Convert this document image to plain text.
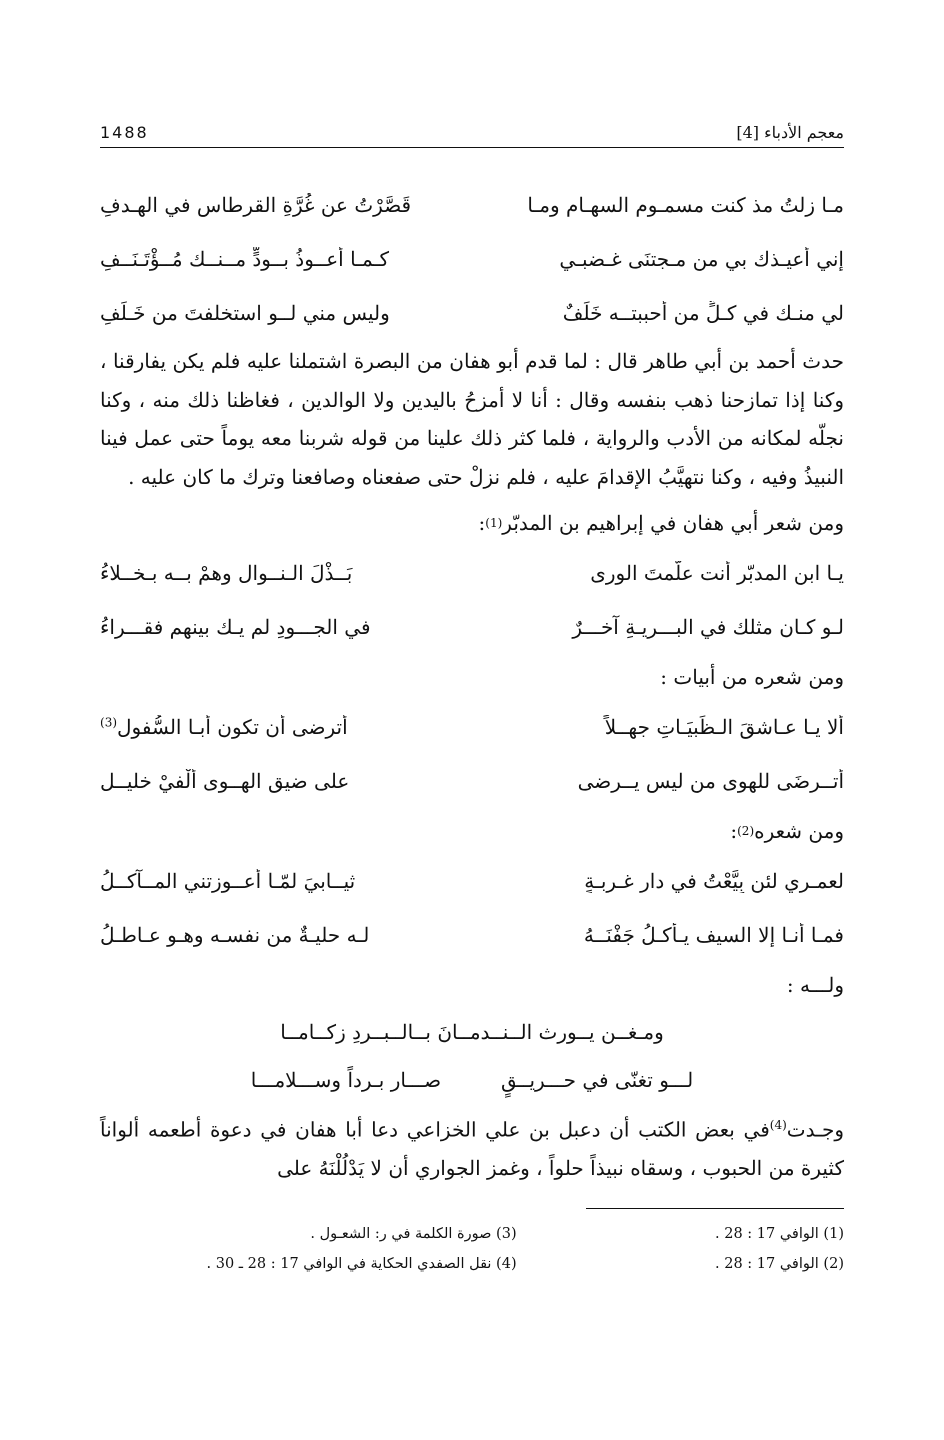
1488	معجم الأدباء [4]
مـا زلتُ مذ كنت مسمـومِ السهـام ومـا
قَصَّرْتُ عن غُرَّةِ القرطاسِ في الهـدفِ
إني أعيـذك بي من مـجتنَى غـضبـي
كـمـا أعــوذُ بــودٍّ مــنــك مُــؤْتَـنَــفِ
لي منـك في كـلٍّ من أحببتــه خَلَفٌ
وليس مني لــو استخلفتَ من خَـلَفِ

حدث أحمد بن أبي طاهر قال : لما قدم أبو هفان من البصرة اشتملنا عليه فلم يكن يفارقنا ، وكنا إذا تمازحنا ذهب بنفسه وقال : أنا لا أمزحُ باليدين ولا الوالدين ، فغاظنا ذلك منه ، وكنا نجلّه لمكانه من الأدب والرواية ، فلما كثر ذلك علينا من قوله شربنا معه يوماً حتى عمل فينا النبيذُ وفيه ، وكنا نتهيَّبُ الإقدامَ عليه ، فلم نزلْ حتى صفعناه وصافعنا وترك ما كان عليه .

ومن شعر أبي هفان في إبراهيم بن المدبّر
(1)
:
يـا ابن المدبّر أنت علَّمتَ الورى
بَــذْلَ الـنــوالِ وهمْ بــه بـخــلاءُ
لـو كـان مثلك في البـــريـةِ آخـــرٌ
في الجـــودِ لم يـك بينهم فقـــراءُ
ومن شعره من أبيات :
ألا يـا عـاشقَ الـظَبيَـاتِ جهــلاً
أترضى أن تكون أبـا السُّفولِ$^{(3)}$
أتــرضَى للهوى من ليس يــرضى
على ضيق الهــوى أُلْفيْ خليــل
ومن شعره
(2)
:
لعمـري لئن بِيَّعْتُ في دارِ غـربـةٍ
ثيــابيَ لمّـا أعــوزتني المــآكــلُ
فمـا أنـا إلا السيف يـأكـلُ جَفْنَــهُ
لـه حليـةٌ من نفسـه وهـو عـاطـلُ
ولـــه :
ومـغــن يــورث الــنــدمــانَ بــالــبــردِ زكــامــا
لـــو تغنّى في حـــريــقٍ
صـــار بـرداً وســـلامـــا

وجـدت$^{(4)}$في بعض الكتب أن دعبل بن علي الخزاعي دعا أبا هفان في دعوة أطعمه ألواناً كثيرة من الحبوب ، وسقاه نبيذاً حلواً ، وغمز الجواري أن لا يَدْلُلْنَهُ على

(1) الوافي 17 : 28 .
(2) الوافي 17 : 28 .
(3) صورة الكلمة في ر: الشعـول .
(4) نقل الصفدي الحكاية في الوافي 17 : 28 ـ 30 .
